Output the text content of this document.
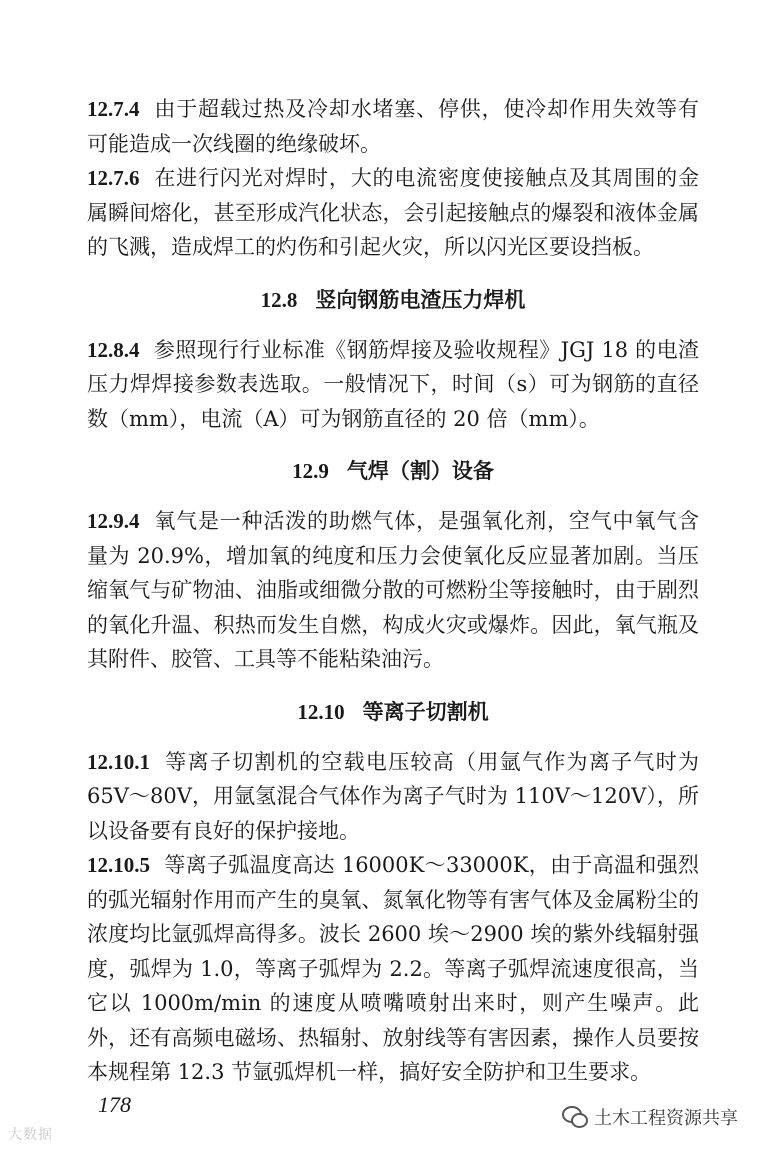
12.7.4 由于超载过热及冷却水堵塞、停供，使冷却作用失效等有可能造成一次线圈的绝缘破坏。

12.7.6 在进行闪光对焊时，大的电流密度使接触点及其周围的金属瞬间熔化，甚至形成汽化状态，会引起接触点的爆裂和液体金属的飞溅，造成焊工的灼伤和引起火灾，所以闪光区要设挡板。

12.8 竖向钢筋电渣压力焊机

12.8.4 参照现行行业标准《钢筋焊接及验收规程》JGJ 18 的电渣压力焊焊接参数表选取。一般情况下，时间（s）可为钢筋的直径数（mm），电流（A）可为钢筋直径的 20 倍（mm）。

12.9 气焊（割）设备

12.9.4 氧气是一种活泼的助燃气体，是强氧化剂，空气中氧气含量为 20.9%，增加氧的纯度和压力会使氧化反应显著加剧。当压缩氧气与矿物油、油脂或细微分散的可燃粉尘等接触时，由于剧烈的氧化升温、积热而发生自燃，构成火灾或爆炸。因此，氧气瓶及其附件、胶管、工具等不能粘染油污。

12.10 等离子切割机

12.10.1 等离子切割机的空载电压较高（用氩气作为离子气时为 65V～80V，用氩氢混合气体作为离子气时为 110V～120V），所以设备要有良好的保护接地。

12.10.5 等离子弧温度高达 16000K～33000K，由于高温和强烈的弧光辐射作用而产生的臭氧、氮氧化物等有害气体及金属粉尘的浓度均比氩弧焊高得多。波长 2600 埃～2900 埃的紫外线辐射强度，弧焊为 1.0，等离子弧焊为 2.2。等离子弧焊流速度很高，当它以 1000m/min 的速度从喷嘴喷射出来时，则产生噪声。此外，还有高频电磁场、热辐射、放射线等有害因素，操作人员要按本规程第 12.3 节氩弧焊机一样，搞好安全防护和卫生要求。

178
大数据
土木工程资源共享
